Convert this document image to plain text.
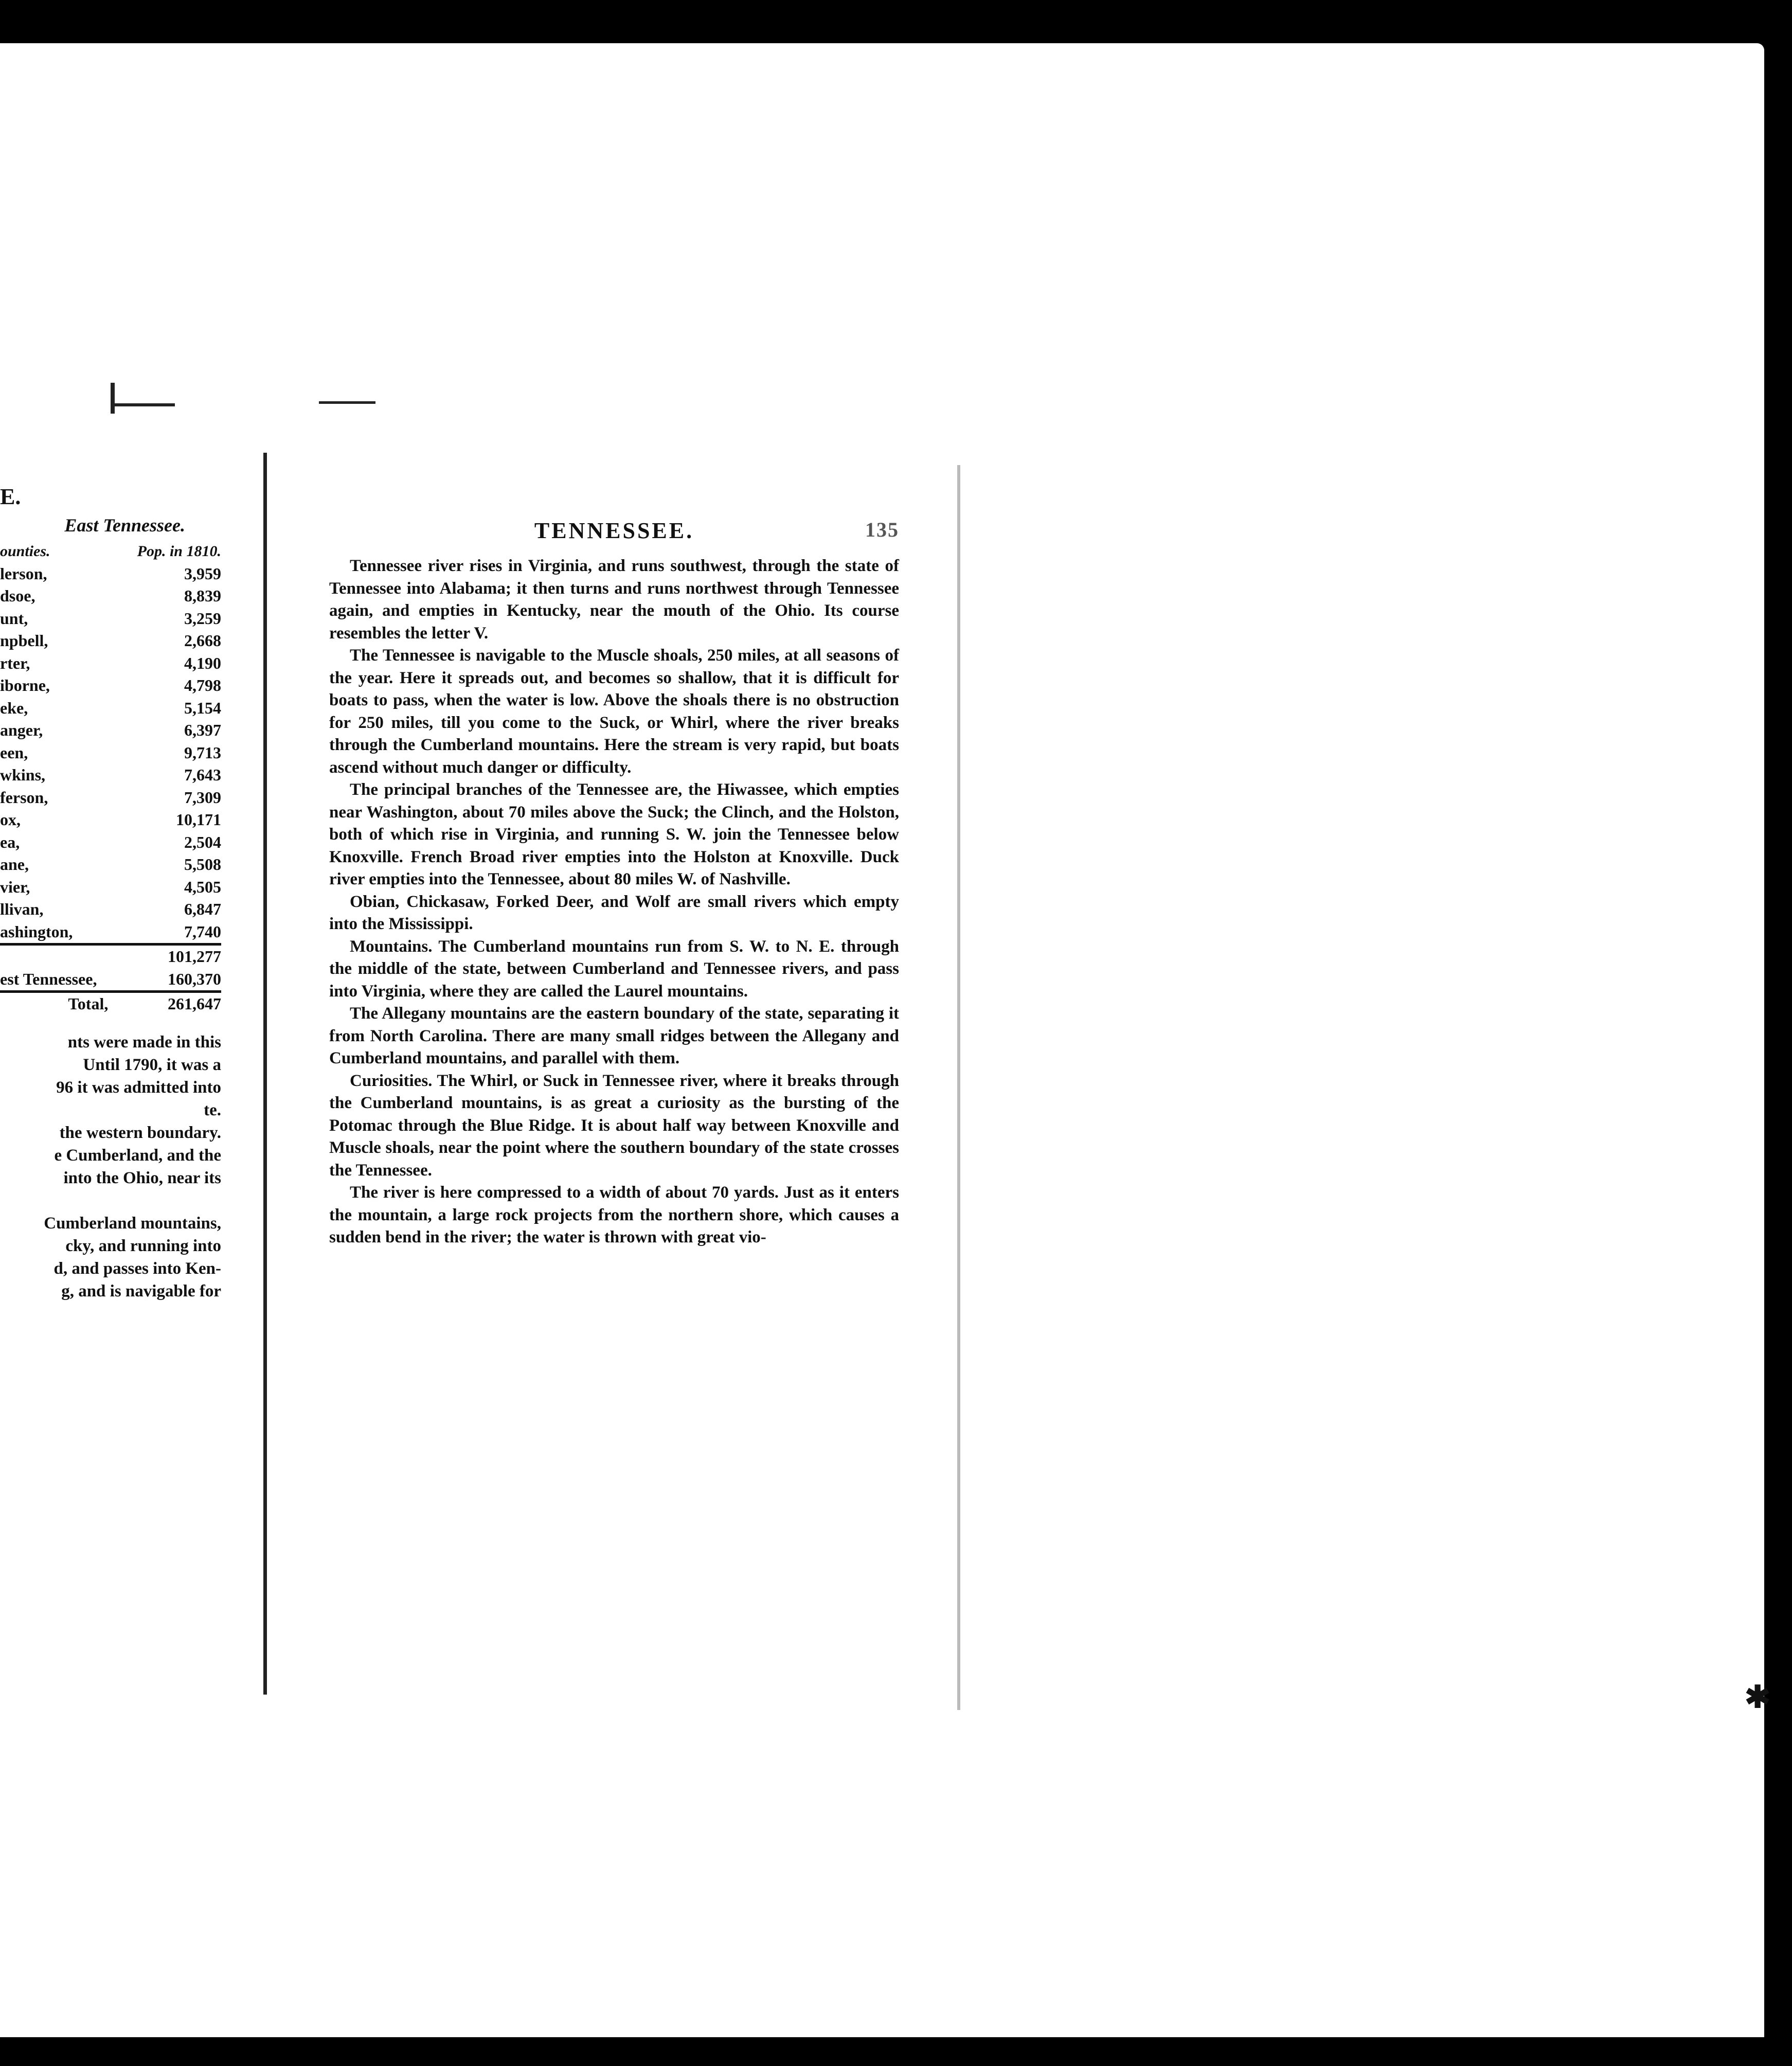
E.
East Tennessee.
ounties.	Pop. in 1810.
lerson,	3,959
dsoe,	8,839
unt,	3,259
npbell,	2,668
rter,	4,190
iborne,	4,798
eke,	5,154
anger,	6,397
een,	9,713
wkins,	7,643
ferson,	7,309
ox,	10,171
ea,	2,504
ane,	5,508
vier,	4,505
llivan,	6,847
ashington,	7,740
	101,277
est Tennessee,	160,370
Total,	261,647
nts were made in this
Until 1790, it was a
96 it was admitted into
te.
the western boundary.
e Cumberland, and the
into the Ohio, near its
Cumberland mountains,
cky, and running into
d, and passes into Ken-
g, and is navigable for
TENNESSEE.	135

Tennessee river rises in Virginia, and runs southwest, through the state of Tennessee into Alabama; it then turns and runs northwest through Tennessee again, and empties in Kentucky, near the mouth of the Ohio. Its course resembles the letter V.

The Tennessee is navigable to the Muscle shoals, 250 miles, at all seasons of the year. Here it spreads out, and becomes so shallow, that it is difficult for boats to pass, when the water is low. Above the shoals there is no obstruction for 250 miles, till you come to the Suck, or Whirl, where the river breaks through the Cumberland mountains. Here the stream is very rapid, but boats ascend without much danger or difficulty.

The principal branches of the Tennessee are, the Hiwassee, which empties near Washington, about 70 miles above the Suck; the Clinch, and the Holston, both of which rise in Virginia, and running S. W. join the Tennessee below Knoxville. French Broad river empties into the Holston at Knoxville. Duck river empties into the Tennessee, about 80 miles W. of Nashville.

Obian, Chickasaw, Forked Deer, and Wolf are small rivers which empty into the Mississippi.

Mountains. The Cumberland mountains run from S. W. to N. E. through the middle of the state, between Cumberland and Tennessee rivers, and pass into Virginia, where they are called the Laurel mountains.

The Allegany mountains are the eastern boundary of the state, separating it from North Carolina. There are many small ridges between the Allegany and Cumberland mountains, and parallel with them.

Curiosities. The Whirl, or Suck in Tennessee river, where it breaks through the Cumberland mountains, is as great a curiosity as the bursting of the Potomac through the Blue Ridge. It is about half way between Knoxville and Muscle shoals, near the point where the southern boundary of the state crosses the Tennessee.

The river is here compressed to a width of about 70 yards. Just as it enters the mountain, a large rock projects from the northern shore, which causes a sudden bend in the river; the water is thrown with great vio-

✱
